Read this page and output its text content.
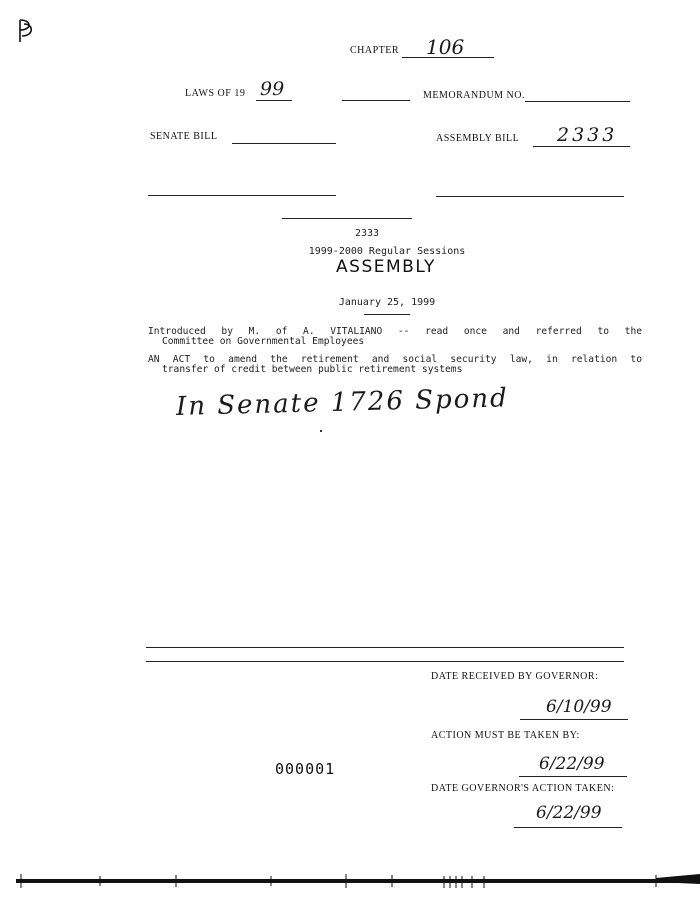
CHAPTER 106
LAWS OF 19 99	MEMORANDUM NO.
SENATE BILL	ASSEMBLY BILL 2333
2333
1999-2000 Regular Sessions
ASSEMBLY
January 25, 1999
Introduced by M. of A. VITALIANO -- read once and referred to the
Committee on Governmental Employees
AN ACT to amend the retirement and social security law, in relation to
transfer of credit between public retirement systems
In Senate 1726 Spond
DATE RECEIVED BY GOVERNOR:
6/10/99
ACTION MUST BE TAKEN BY:
6/22/99
000001
DATE GOVERNOR'S ACTION TAKEN:
6/22/99
